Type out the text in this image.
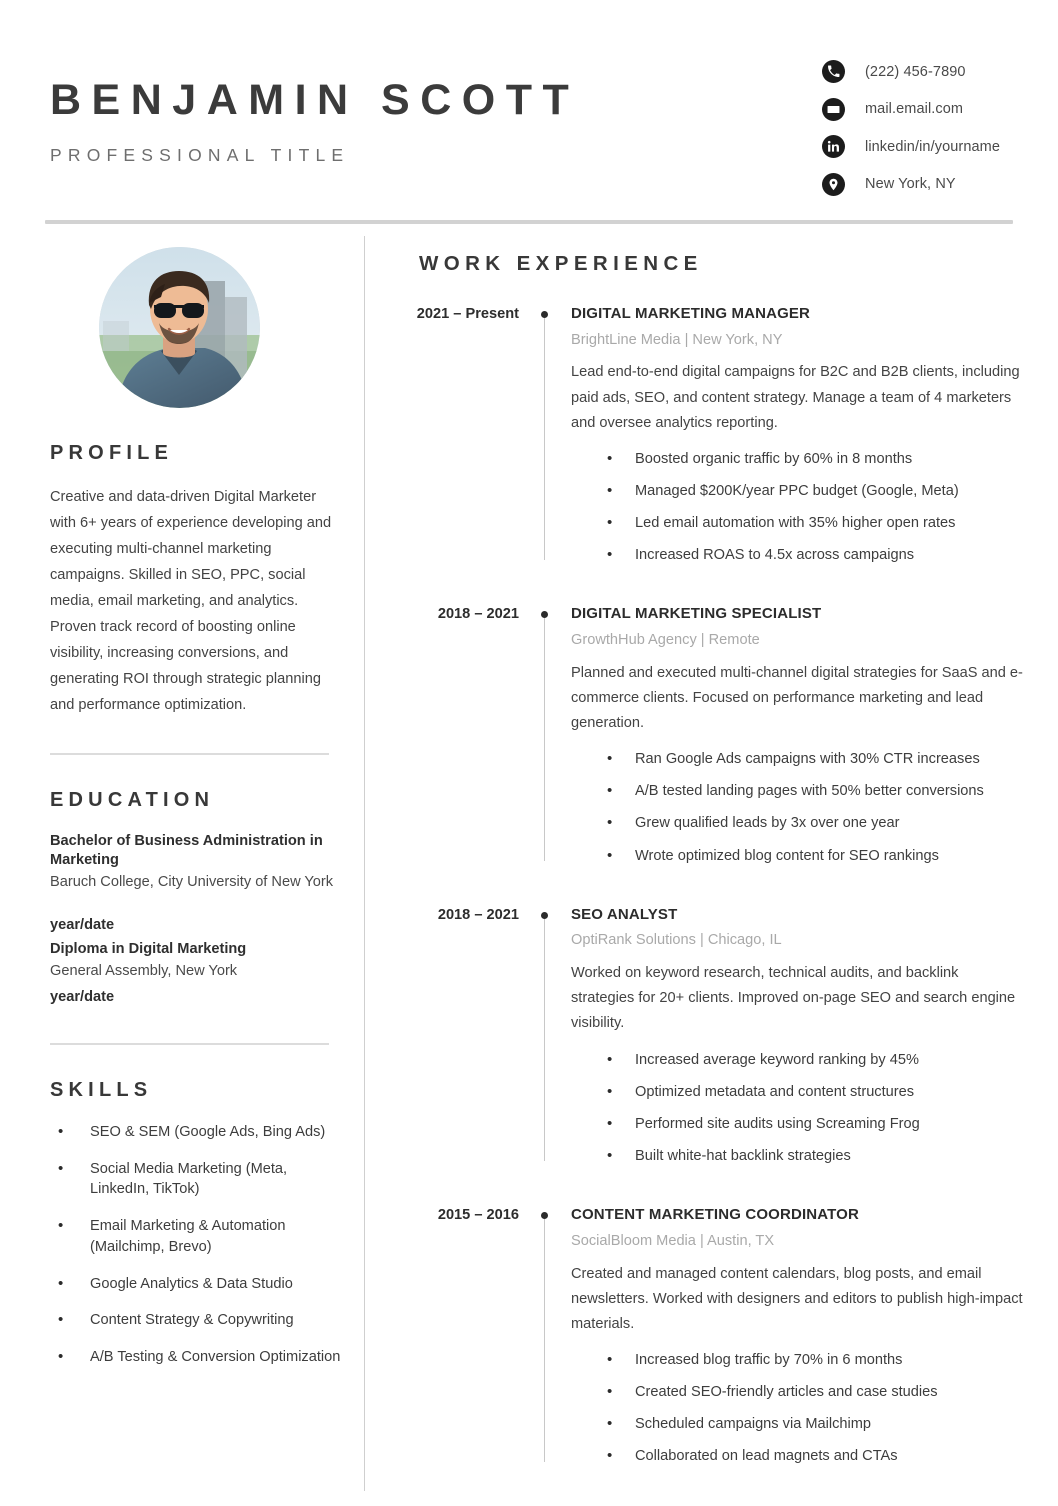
BENJAMIN SCOTT
PROFESSIONAL TITLE
(222) 456-7890
mail.email.com
linkedin/in/yourname
New York, NY
PROFILE
Creative and data-driven Digital Marketer with 6+ years of experience developing and executing multi-channel marketing campaigns. Skilled in SEO, PPC, social media, email marketing, and analytics. Proven track record of boosting online visibility, increasing conversions, and generating ROI through strategic planning and performance optimization.
EDUCATION
Bachelor of Business Administration in Marketing
Baruch College, City University of New York
year/date
Diploma in Digital Marketing
General Assembly, New York
year/date
SKILLS
• SEO & SEM (Google Ads, Bing Ads)
• Social Media Marketing (Meta, LinkedIn, TikTok)
• Email Marketing & Automation (Mailchimp, Brevo)
• Google Analytics & Data Studio
• Content Strategy & Copywriting
• A/B Testing & Conversion Optimization
WORK EXPERIENCE
2021 – Present	DIGITAL MARKETING MANAGER
BrightLine Media | New York, NY
Lead end-to-end digital campaigns for B2C and B2B clients, including paid ads, SEO, and content strategy. Manage a team of 4 marketers and oversee analytics reporting.
• Boosted organic traffic by 60% in 8 months
• Managed $200K/year PPC budget (Google, Meta)
• Led email automation with 35% higher open rates
• Increased ROAS to 4.5x across campaigns
2018 – 2021	DIGITAL MARKETING SPECIALIST
GrowthHub Agency | Remote
Planned and executed multi-channel digital strategies for SaaS and e-commerce clients. Focused on performance marketing and lead generation.
• Ran Google Ads campaigns with 30% CTR increases
• A/B tested landing pages with 50% better conversions
• Grew qualified leads by 3x over one year
• Wrote optimized blog content for SEO rankings
2018 – 2021	SEO ANALYST
OptiRank Solutions | Chicago, IL
Worked on keyword research, technical audits, and backlink strategies for 20+ clients. Improved on-page SEO and search engine visibility.
• Increased average keyword ranking by 45%
• Optimized metadata and content structures
• Performed site audits using Screaming Frog
• Built white-hat backlink strategies
2015 – 2016	CONTENT MARKETING COORDINATOR
SocialBloom Media | Austin, TX
Created and managed content calendars, blog posts, and email newsletters. Worked with designers and editors to publish high-impact materials.
• Increased blog traffic by 70% in 6 months
• Created SEO-friendly articles and case studies
• Scheduled campaigns via Mailchimp
• Collaborated on lead magnets and CTAs
